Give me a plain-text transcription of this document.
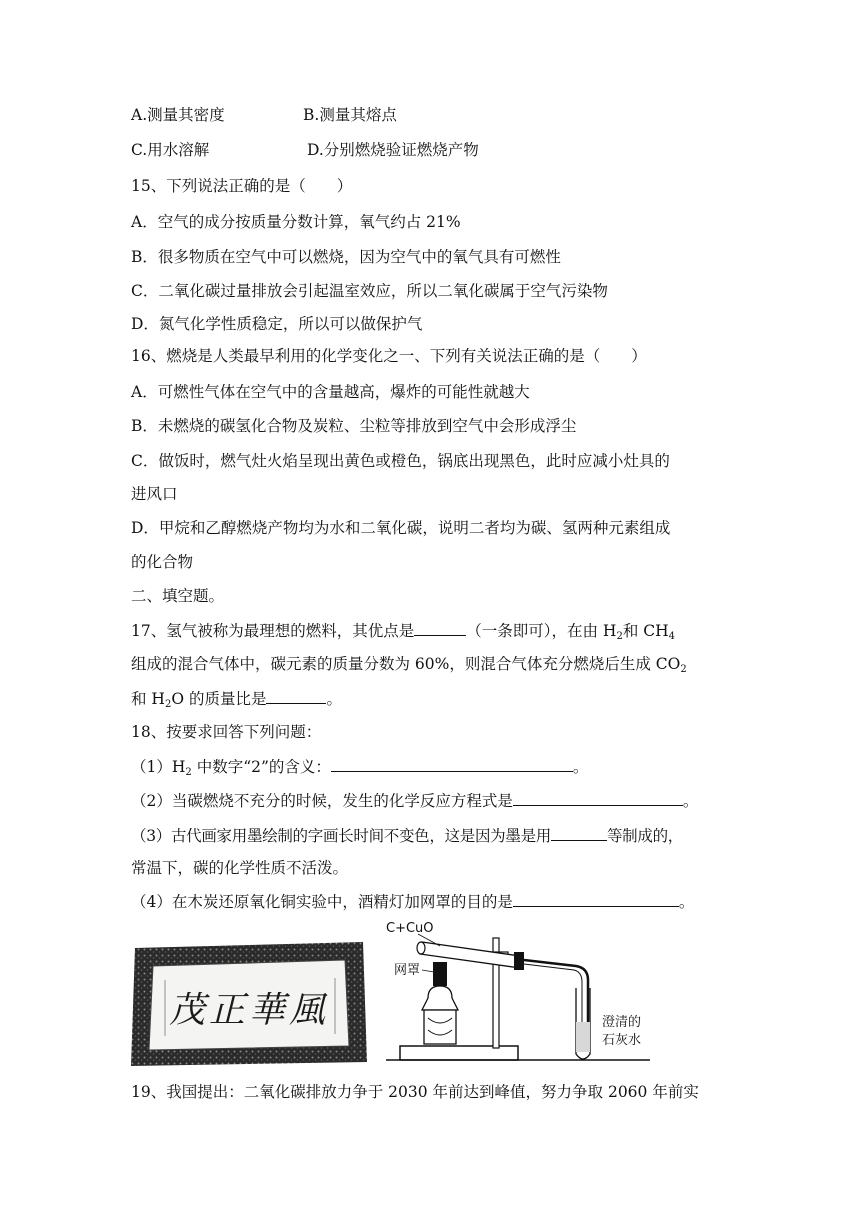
A.测量其密度	B.测量其熔点
C.用水溶解	D.分别燃烧验证燃烧产物
15、下列说法正确的是（　　）
A．空气的成分按质量分数计算，氧气约占 21%
B．很多物质在空气中可以燃烧，因为空气中的氧气具有可燃性
C．二氧化碳过量排放会引起温室效应，所以二氧化碳属于空气污染物
D．氮气化学性质稳定，所以可以做保护气
16、燃烧是人类最早利用的化学变化之一、下列有关说法正确的是（　　）
A．可燃性气体在空气中的含量越高，爆炸的可能性就越大
B．未燃烧的碳氢化合物及炭粒、尘粒等排放到空气中会形成浮尘
C．做饭时，燃气灶火焰呈现出黄色或橙色，锅底出现黑色，此时应减小灶具的
进风口
D．甲烷和乙醇燃烧产物均为水和二氧化碳，说明二者均为碳、氢两种元素组成
的化合物
二、填空题。
17、氢气被称为最理想的燃料，其优点是	（一条即可），在由 $H_2$和 $CH_4$
组成的混合气体中，碳元素的质量分数为 60%，则混合气体充分燃烧后生成 $CO_2$
和 $H_2O$ 的质量比是	。
18、按要求回答下列问题：
$(1)H_2$ 中数字“2”的含义：	。
（2）当碳燃烧不充分的时候，发生的化学反应方程式是	。
（3）古代画家用墨绘制的字画长时间不变色，这是因为墨是用	等制成的，
常温下，碳的化学性质不活泼。
（4）在木炭还原氧化铜实验中，酒精灯加网罩的目的是	。
茂正華風
C+CuO
网罩
澄清的
石灰水
19、我国提出：二氧化碳排放力争于 2030 年前达到峰值，努力争取 2060 年前实
